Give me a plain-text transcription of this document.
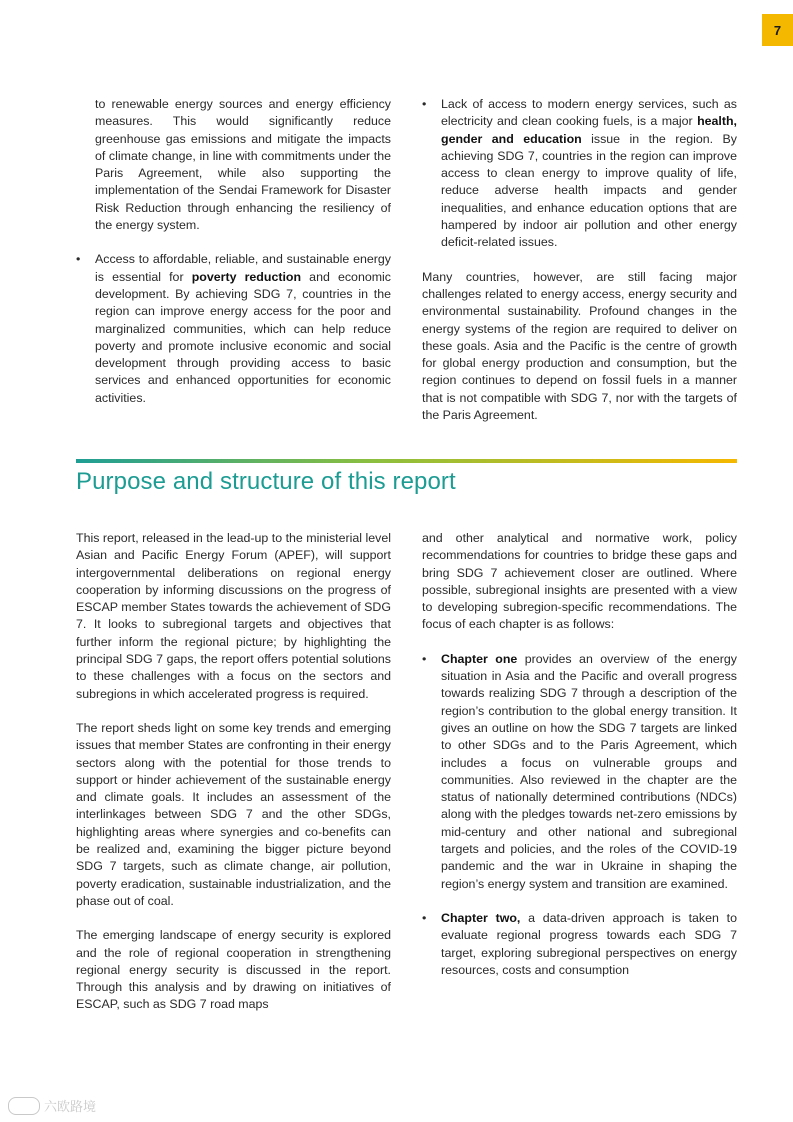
7
to renewable energy sources and energy efficiency measures. This would significantly reduce greenhouse gas emissions and mitigate the impacts of climate change, in line with commitments under the Paris Agreement, while also supporting the implementation of the Sendai Framework for Disaster Risk Reduction through enhancing the resiliency of the energy system.
• Access to affordable, reliable, and sustainable energy is essential for poverty reduction and economic development. By achieving SDG 7, countries in the region can improve energy access for the poor and marginalized communities, which can help reduce poverty and promote inclusive economic and social development through providing access to basic services and enhanced opportunities for economic activities.
• Lack of access to modern energy services, such as electricity and clean cooking fuels, is a major health, gender and education issue in the region. By achieving SDG 7, countries in the region can improve access to clean energy to improve quality of life, reduce adverse health impacts and gender inequalities, and enhance education options that are hampered by indoor air pollution and other energy deficit-related issues.

Many countries, however, are still facing major challenges related to energy access, energy security and environmental sustainability. Profound changes in the energy systems of the region are required to deliver on these goals. Asia and the Pacific is the centre of growth for global energy production and consumption, but the region continues to depend on fossil fuels in a manner that is not compatible with SDG 7, nor with the targets of the Paris Agreement.

Purpose and structure of this report

This report, released in the lead-up to the ministerial level Asian and Pacific Energy Forum (APEF), will support intergovernmental deliberations on regional energy cooperation by informing discussions on the progress of ESCAP member States towards the achievement of SDG 7. It looks to subregional targets and objectives that further inform the regional picture; by highlighting the principal SDG 7 gaps, the report offers potential solutions to these challenges with a focus on the sectors and subregions in which accelerated progress is required.

The report sheds light on some key trends and emerging issues that member States are confronting in their energy sectors along with the potential for those trends to support or hinder achievement of the sustainable energy and climate goals. It includes an assessment of the interlinkages between SDG 7 and the other SDGs, highlighting areas where synergies and co-benefits can be realized and, examining the bigger picture beyond SDG 7 targets, such as climate change, air pollution, poverty eradication, sustainable industrialization, and the phase out of coal.

The emerging landscape of energy security is explored and the role of regional cooperation in strengthening regional energy security is discussed in the report. Through this analysis and by drawing on initiatives of ESCAP, such as SDG 7 road maps

and other analytical and normative work, policy recommendations for countries to bridge these gaps and bring SDG 7 achievement closer are outlined. Where possible, subregional insights are presented with a view to developing subregion-specific recommendations. The focus of each chapter is as follows:

• Chapter one provides an overview of the energy situation in Asia and the Pacific and overall progress towards realizing SDG 7 through a description of the region’s contribution to the global energy transition. It gives an outline on how the SDG 7 targets are linked to other SDGs and to the Paris Agreement, which includes a focus on vulnerable groups and communities. Also reviewed in the chapter are the status of nationally determined contributions (NDCs) along with the pledges towards net-zero emissions by mid-century and other national and subregional targets and policies, and the roles of the COVID-19 pandemic and the war in Ukraine in shaping the region’s energy system and transition are examined.
• Chapter two, a data-driven approach is taken to evaluate regional progress towards each SDG 7 target, exploring subregional perspectives on energy resources, costs and consumption
六欧路境
